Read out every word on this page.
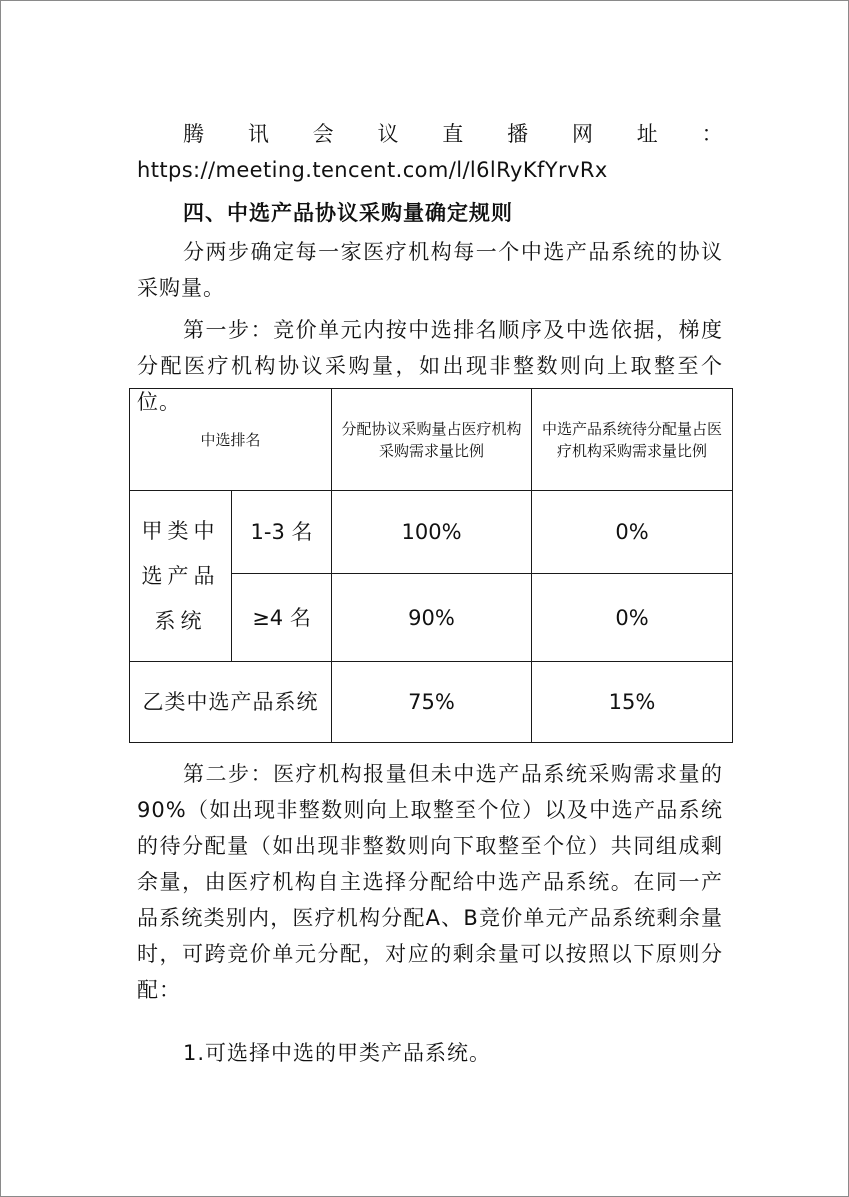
腾讯会议直播网址：https://meeting.tencent.com/l/l6lRyKfYrvRx

四、中选产品协议采购量确定规则

分两步确定每一家医疗机构每一个中选产品系统的协议采购量。

第一步：竞价单元内按中选排名顺序及中选依据，梯度分配医疗机构协议采购量，如出现非整数则向上取整至个位。

中选排名		分配协议采购量占医疗机构采购需求量比例	中选产品系统待分配量占医疗机构采购需求量比例
甲类中选产品系统	1-3 名	100%	0%
	≥4 名	90%	0%
乙类中选产品系统		75%	15%

第二步：医疗机构报量但未中选产品系统采购需求量的90%（如出现非整数则向上取整至个位）以及中选产品系统的待分配量（如出现非整数则向下取整至个位）共同组成剩余量，由医疗机构自主选择分配给中选产品系统。在同一产品系统类别内，医疗机构分配A、B竞价单元产品系统剩余量时，可跨竞价单元分配，对应的剩余量可以按照以下原则分配：

1.可选择中选的甲类产品系统。
